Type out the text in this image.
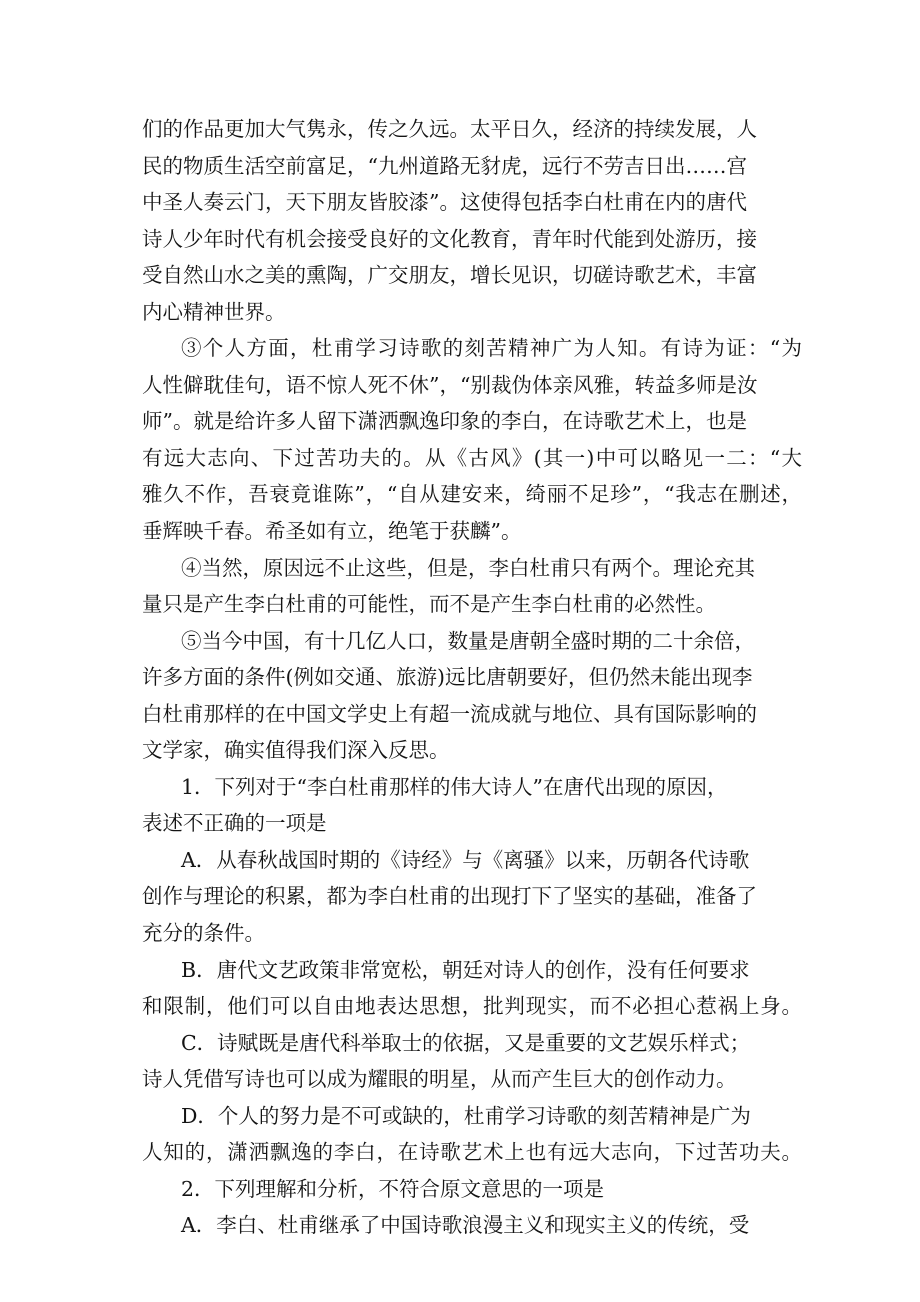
们的作品更加大气隽永，传之久远。太平日久，经济的持续发展，人
民的物质生活空前富足，“九州道路无豺虎，远行不劳吉日出……宫
中圣人奏云门，天下朋友皆胶漆”。这使得包括李白杜甫在内的唐代
诗人少年时代有机会接受良好的文化教育，青年时代能到处游历，接
受自然山水之美的熏陶，广交朋友，增长见识，切磋诗歌艺术，丰富
内心精神世界。
③个人方面，杜甫学习诗歌的刻苦精神广为人知。有诗为证：“为
人性僻耽佳句，语不惊人死不休”，“别裁伪体亲风雅，转益多师是汝
师”。就是给许多人留下潇洒飘逸印象的李白，在诗歌艺术上，也是
有远大志向、下过苦功夫的。从《古风》(其一)中可以略见一二：“大
雅久不作，吾衰竟谁陈”，“自从建安来，绮丽不足珍”，“我志在删述，
垂辉映千春。希圣如有立，绝笔于获麟”。
④当然，原因远不止这些，但是，李白杜甫只有两个。理论充其
量只是产生李白杜甫的可能性，而不是产生李白杜甫的必然性。
⑤当今中国，有十几亿人口，数量是唐朝全盛时期的二十余倍，
许多方面的条件(例如交通、旅游)远比唐朝要好，但仍然未能出现李
白杜甫那样的在中国文学史上有超一流成就与地位、具有国际影响的
文学家，确实值得我们深入反思。
1．下列对于“李白杜甫那样的伟大诗人”在唐代出现的原因，
表述不正确的一项是
A．从春秋战国时期的《诗经》与《离骚》以来，历朝各代诗歌
创作与理论的积累，都为李白杜甫的出现打下了坚实的基础，准备了
充分的条件。
B．唐代文艺政策非常宽松，朝廷对诗人的创作，没有任何要求
和限制，他们可以自由地表达思想，批判现实，而不必担心惹祸上身。
C．诗赋既是唐代科举取士的依据，又是重要的文艺娱乐样式；
诗人凭借写诗也可以成为耀眼的明星，从而产生巨大的创作动力。
D．个人的努力是不可或缺的，杜甫学习诗歌的刻苦精神是广为
人知的，潇洒飘逸的李白，在诗歌艺术上也有远大志向，下过苦功夫。
2．下列理解和分析，不符合原文意思的一项是
A．李白、杜甫继承了中国诗歌浪漫主义和现实主义的传统，受
